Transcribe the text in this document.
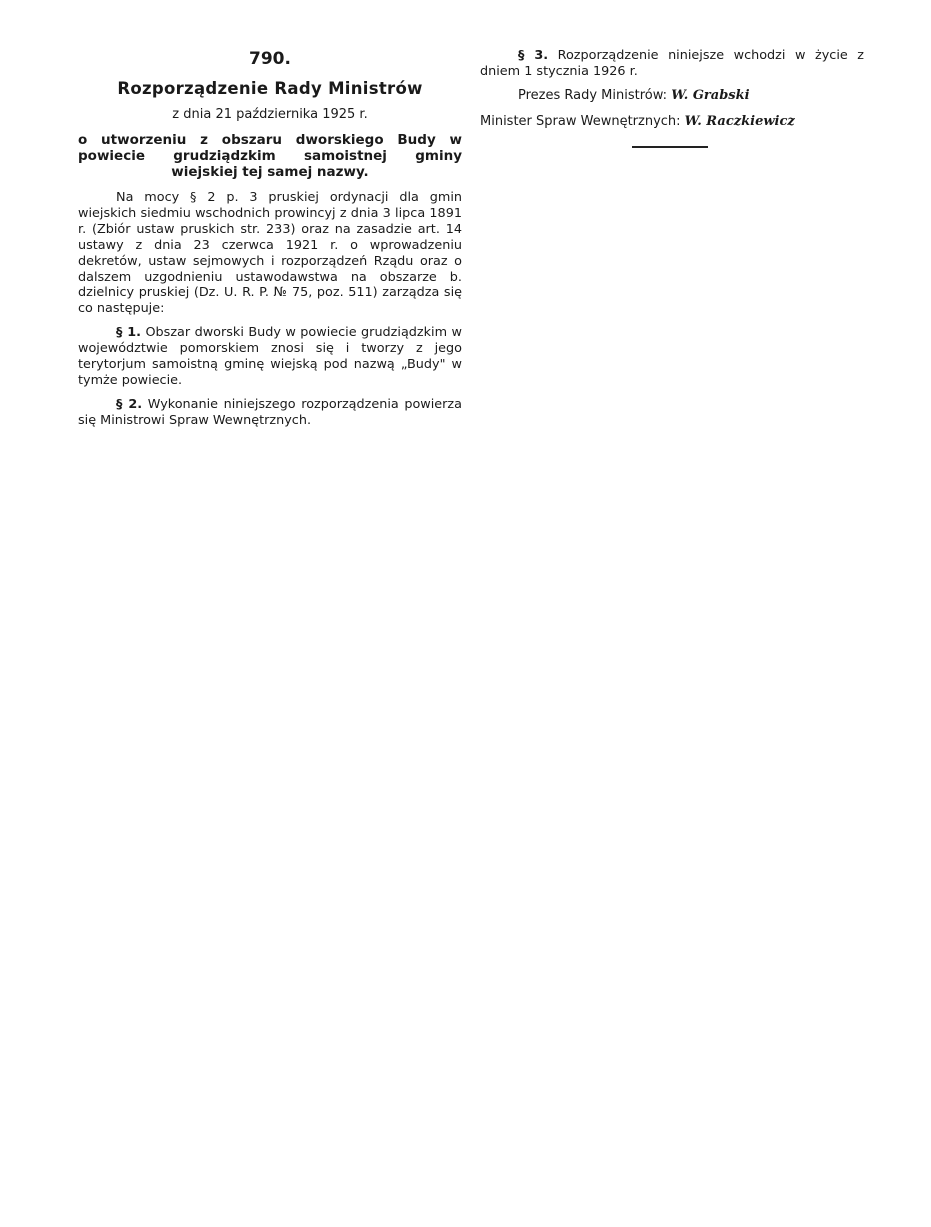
790.
Rozporządzenie Rady Ministrów
z dnia 21 października 1925 r.
o utworzeniu z obszaru dworskiego Budy w powiecie grudziądzkim samoistnej gminy wiejskiej tej samej nazwy.

Na mocy § 2 p. 3 pruskiej ordynacji dla gmin wiejskich siedmiu wschodnich prowincyj z dnia 3 lipca 1891 r. (Zbiór ustaw pruskich str. 233) oraz na zasadzie art. 14 ustawy z dnia 23 czerwca 1921 r. o wprowadzeniu dekretów, ustaw sejmowych i rozporządzeń Rządu oraz o dalszem uzgodnieniu ustawodawstwa na obszarze b. dzielnicy pruskiej (Dz. U. R. P. № 75, poz. 511) zarządza się co następuje:

§ 1. Obszar dworski Budy w powiecie grudziądzkim w województwie pomorskiem znosi się i tworzy z jego terytorjum samoistną gminę wiejską pod nazwą „Budy" w tymże powiecie.

§ 2. Wykonanie niniejszego rozporządzenia powierza się Ministrowi Spraw Wewnętrznych.

§ 3. Rozporządzenie niniejsze wchodzi w życie z dniem 1 stycznia 1926 r.

Prezes Rady Ministrów: W. Grabski

Minister Spraw Wewnętrznych: W. Raczkiewicz
